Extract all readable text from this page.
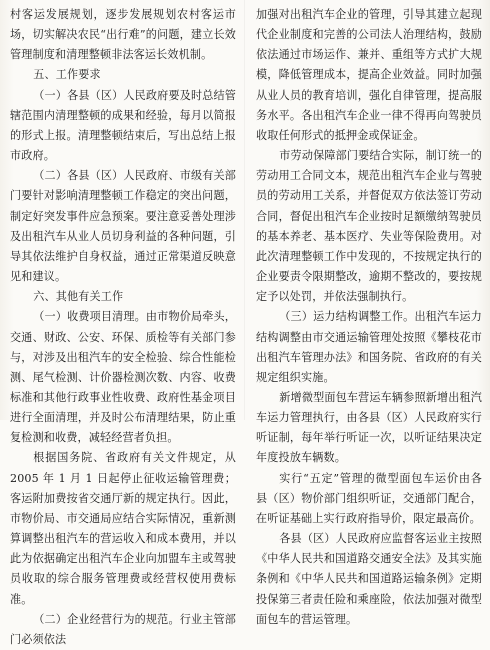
村客运发展规划，逐步发展规划农村客运市场，切实解决农民“出行难”的问题，建立长效管理制度和清理整顿非法客运长效机制。

五、工作要求

（一）各县（区）人民政府要及时总结管辖范围内清理整顿的成果和经验，每月以简报的形式上报。清理整顿结束后，写出总结上报市政府。

（二）各县（区）人民政府、市级有关部门要针对影响清理整顿工作稳定的突出问题，制定好突发事件应急预案。要注意妥善处理涉及出租汽车从业人员切身利益的各种问题，引导其依法维护自身权益，通过正常渠道反映意见和建议。

六、其他有关工作

（一）收费项目清理。由市物价局牵头，交通、财政、公安、环保、质检等有关部门参与，对涉及出租汽车的安全检验、综合性能检测、尾气检测、计价器检测次数、内容、收费标准和其他行政事业性收费、政府性基金项目进行全面清理，并及时公布清理结果，防止重复检测和收费，减轻经营者负担。

根据国务院、省政府有关文件规定，从 2005 年 1 月 1 日起停止征收运输管理费；客运附加费按省交通厅新的规定执行。因此，市物价局、市交通局应结合实际情况，重新测算调整出租汽车的营运收入和成本费用，并以此为依据确定出租汽车企业向加盟车主或驾驶员收取的综合服务管理费或经营权使用费标准。

（二）企业经营行为的规范。行业主管部门必须依法

加强对出租汽车企业的管理，引导其建立起现代企业制度和完善的公司法人治理结构，鼓励依法通过市场运作、兼并、重组等方式扩大规模，降低管理成本，提高企业效益。同时加强从业人员的教育培训，强化自律管理，提高服务水平。各出租汽车企业一律不得再向驾驶员收取任何形式的抵押金或保证金。

市劳动保障部门要结合实际，制订统一的劳动用工合同文本，规范出租汽车企业与驾驶员的劳动用工关系，并督促双方依法签订劳动合同，督促出租汽车企业按时足额缴纳驾驶员的基本养老、基本医疗、失业等保险费用。对此次清理整顿工作中发现的，不按规定执行的企业要责令限期整改，逾期不整改的，要按规定予以处罚，并依法强制执行。

（三）运力结构调整工作。出租汽车运力结构调整由市交通运输管理处按照《攀枝花市出租汽车管理办法》和国务院、省政府的有关规定组织实施。

新增微型面包车营运车辆参照新增出租汽车运力管理执行，由各县（区）人民政府实行听证制，每年举行听证一次，以听证结果决定年度投放车辆数。

实行“五定”管理的微型面包车运价由各县（区）物价部门组织听证，交通部门配合，在听证基础上实行政府指导价，限定最高价。

各县（区）人民政府应监督客运业主按照《中华人民共和国道路交通安全法》及其实施条例和《中华人民共和国道路运输条例》定期投保第三者责任险和乘座险，依法加强对微型面包车的营运管理。
